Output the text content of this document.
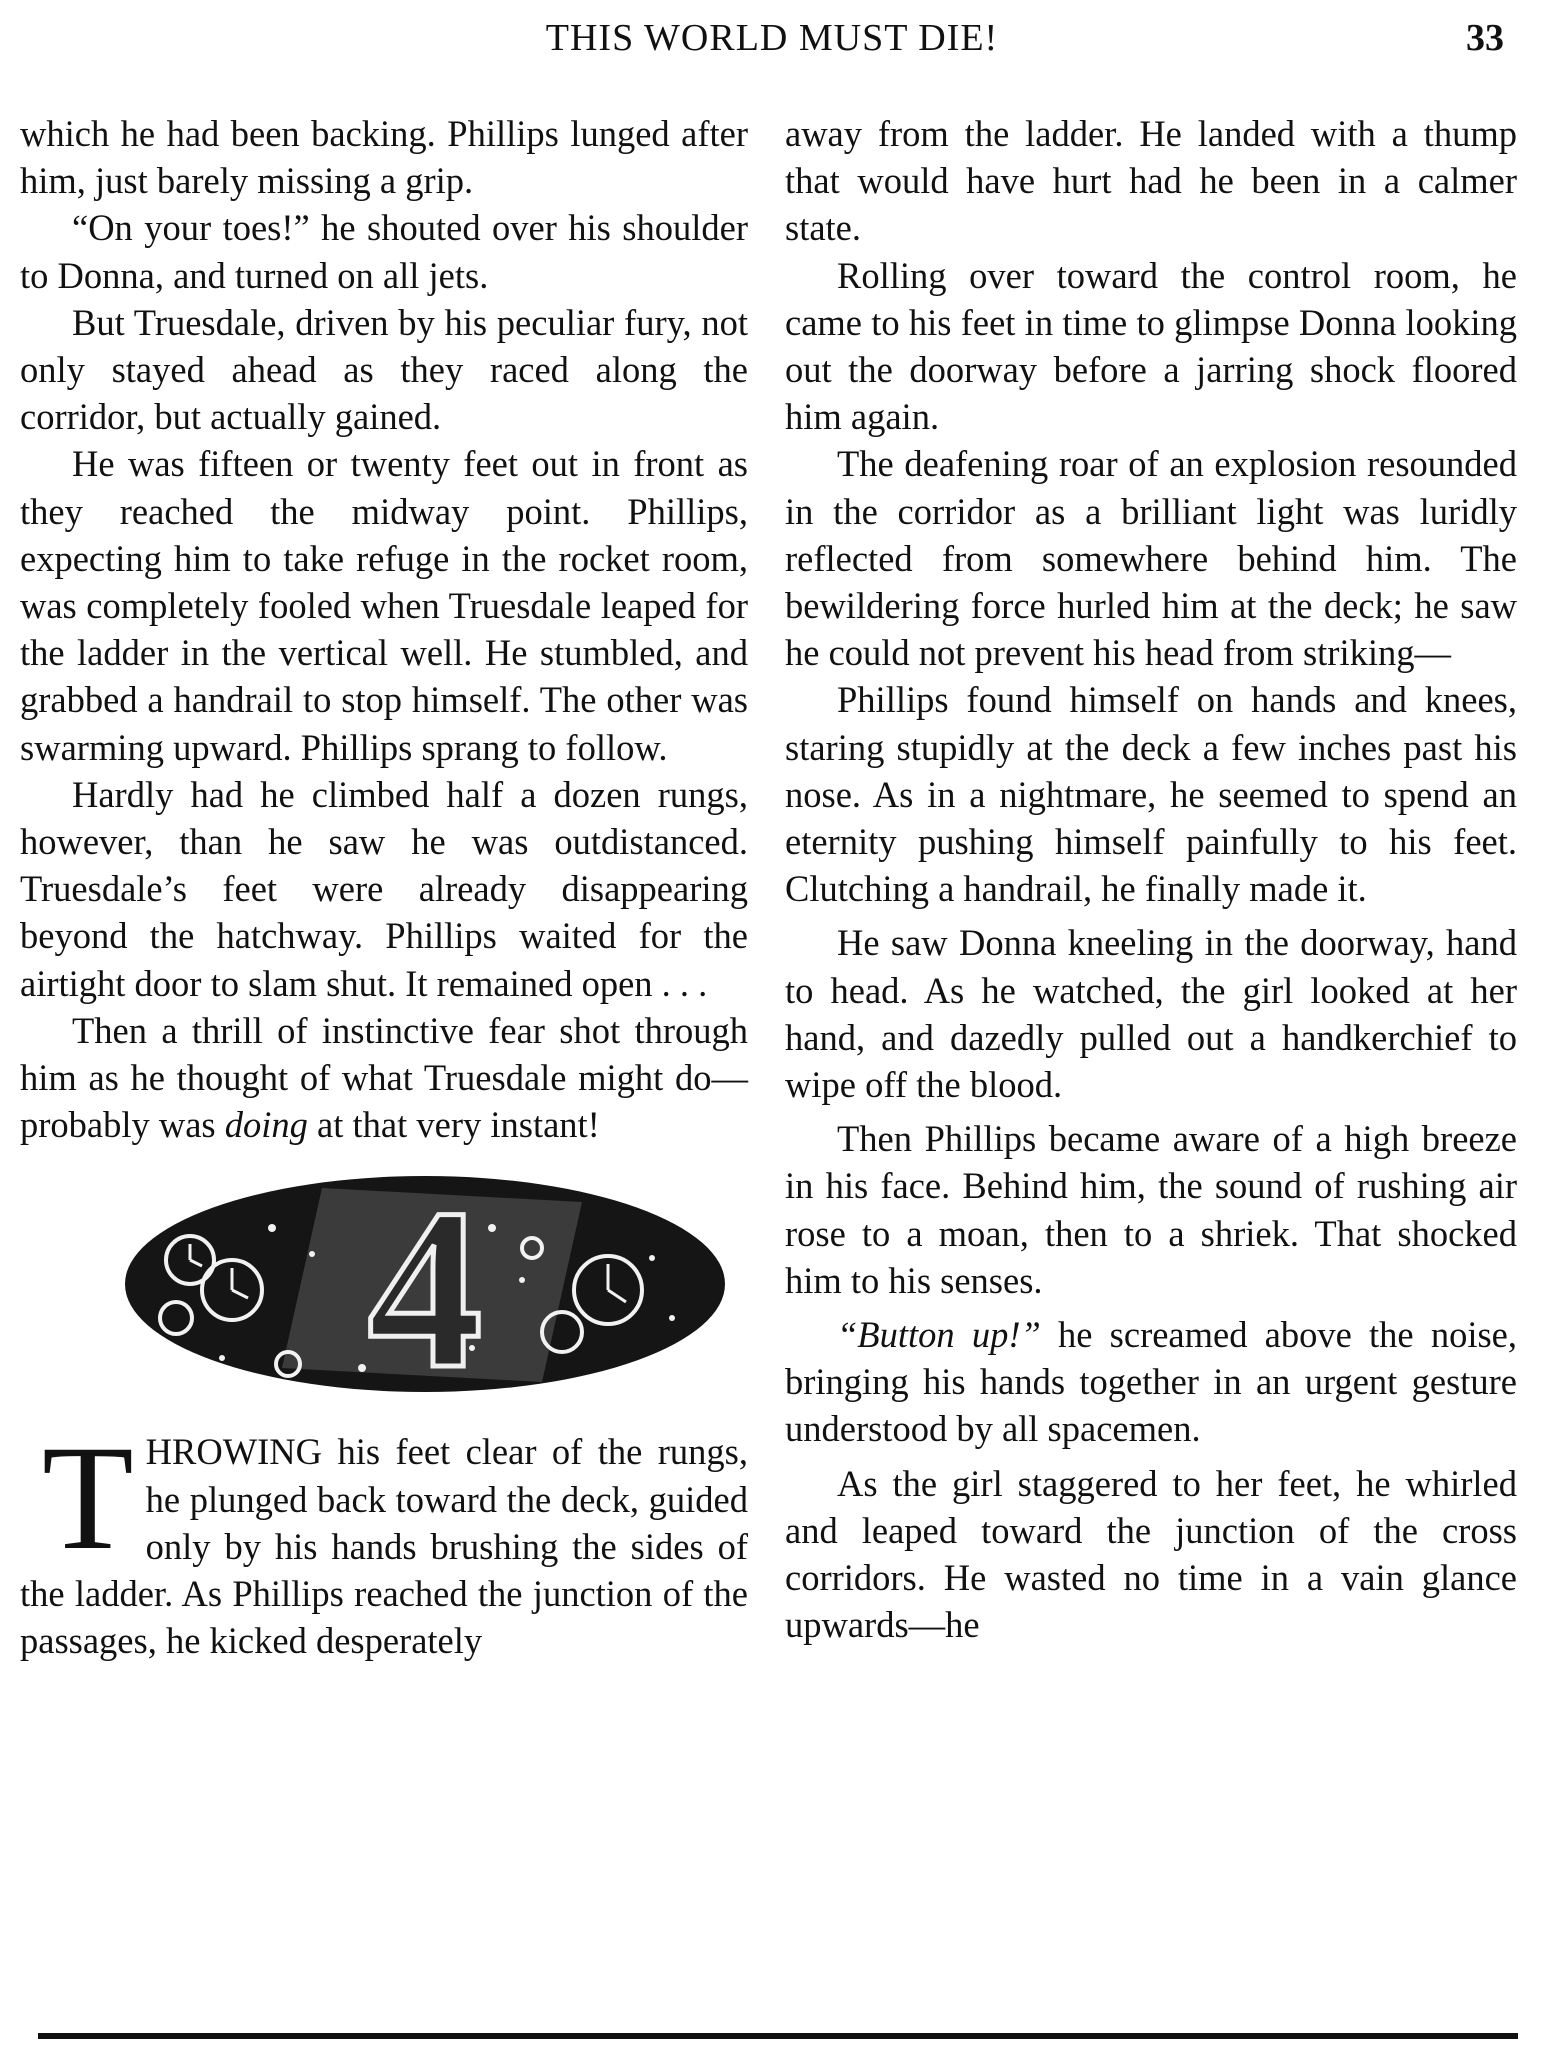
THIS WORLD MUST DIE!	33

which he had been backing. Phillips lunged after him, just barely missing a grip.

“On your toes!” he shouted over his shoulder to Donna, and turned on all jets.

But Truesdale, driven by his peculiar fury, not only stayed ahead as they raced along the corridor, but actually gained.

He was fifteen or twenty feet out in front as they reached the midway point. Phillips, expecting him to take refuge in the rocket room, was completely fooled when Truesdale leaped for the ladder in the vertical well. He stumbled, and grabbed a handrail to stop himself. The other was swarming upward. Phillips sprang to follow.

Hardly had he climbed half a dozen rungs, however, than he saw he was outdistanced. Truesdale’s feet were already disappearing beyond the hatchway. Phillips waited for the airtight door to slam shut. It remained open . . .

Then a thrill of instinctive fear shot through him as he thought of what Truesdale might do—probably was doing at that very instant!

4

THROWING his feet clear of the rungs, he plunged back toward the deck, guided only by his hands brushing the sides of the ladder. As Phillips reached the junction of the passages, he kicked desperately

away from the ladder. He landed with a thump that would have hurt had he been in a calmer state.

Rolling over toward the control room, he came to his feet in time to glimpse Donna looking out the doorway before a jarring shock floored him again.

The deafening roar of an explosion resounded in the corridor as a brilliant light was luridly reflected from somewhere behind him. The bewildering force hurled him at the deck; he saw he could not prevent his head from striking—

Phillips found himself on hands and knees, staring stupidly at the deck a few inches past his nose. As in a nightmare, he seemed to spend an eternity pushing himself painfully to his feet. Clutching a handrail, he finally made it.

He saw Donna kneeling in the doorway, hand to head. As he watched, the girl looked at her hand, and dazedly pulled out a handkerchief to wipe off the blood.

Then Phillips became aware of a high breeze in his face. Behind him, the sound of rushing air rose to a moan, then to a shriek. That shocked him to his senses.

“Button up!” he screamed above the noise, bringing his hands together in an urgent gesture understood by all spacemen.

As the girl staggered to her feet, he whirled and leaped toward the junction of the cross corridors. He wasted no time in a vain glance upwards—he
